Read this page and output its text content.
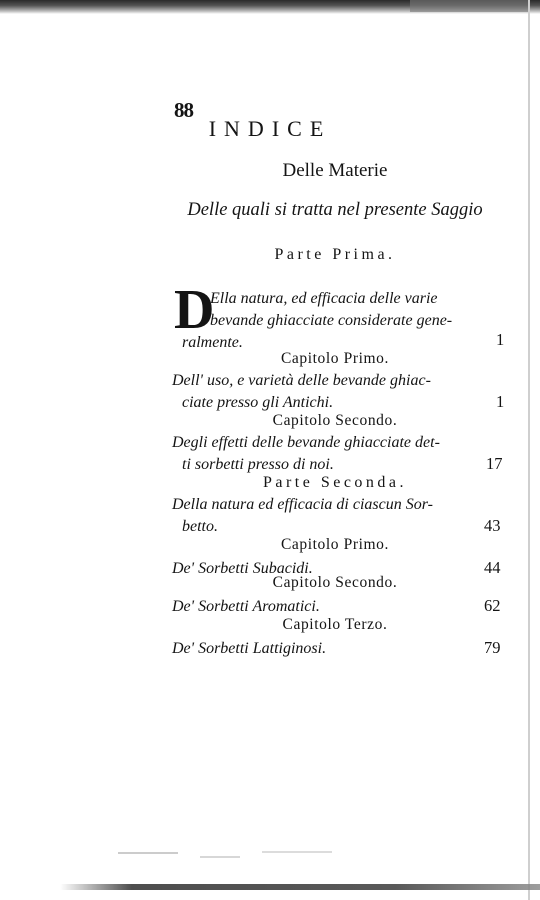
88
INDICE
Delle Materie
Delle quali si tratta nel presente Saggio
Parte Prima.
D
Ella natura, ed efficacia delle varie
bevande ghiacciate considerate gene-
ralmente.	1
Capitolo Primo.
Dell' uso, e varietà delle bevande ghiac-
ciate presso gli Antichi.	1
Capitolo Secondo.
Degli effetti delle bevande ghiacciate det-
ti sorbetti presso di noi.	17
Parte Seconda.
Della natura ed efficacia di ciascun Sor-
betto.	43
Capitolo Primo.
De' Sorbetti Subacidi.	44
Capitolo Secondo.
De' Sorbetti Aromatici.	62
Capitolo Terzo.
De' Sorbetti Lattiginosi.	79
